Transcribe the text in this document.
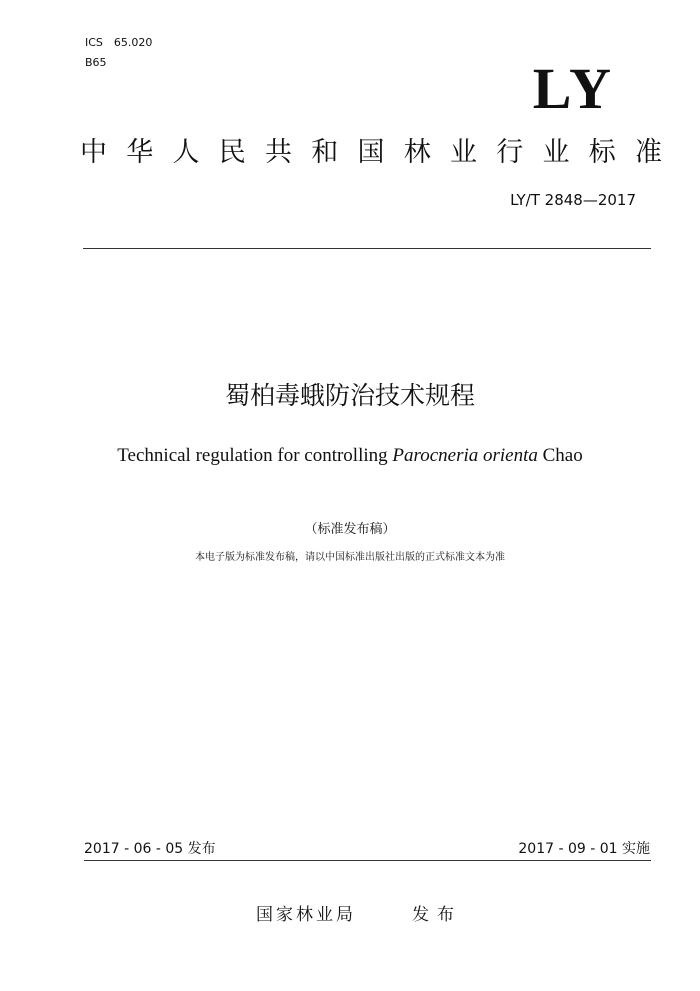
ICS　65.020
B65	LY
中 华 人 民 共 和 国 林 业 行 业 标 准
LY/T 2848—2017
蜀柏毒蛾防治技术规程
Technical regulation for controlling Parocneria orienta Chao
（标准发布稿）
本电子版为标准发布稿，请以中国标准出版社出版的正式标准文本为准
2017 - 06 - 05 发布	2017 - 09 - 01 实施
国家林业局	发布
